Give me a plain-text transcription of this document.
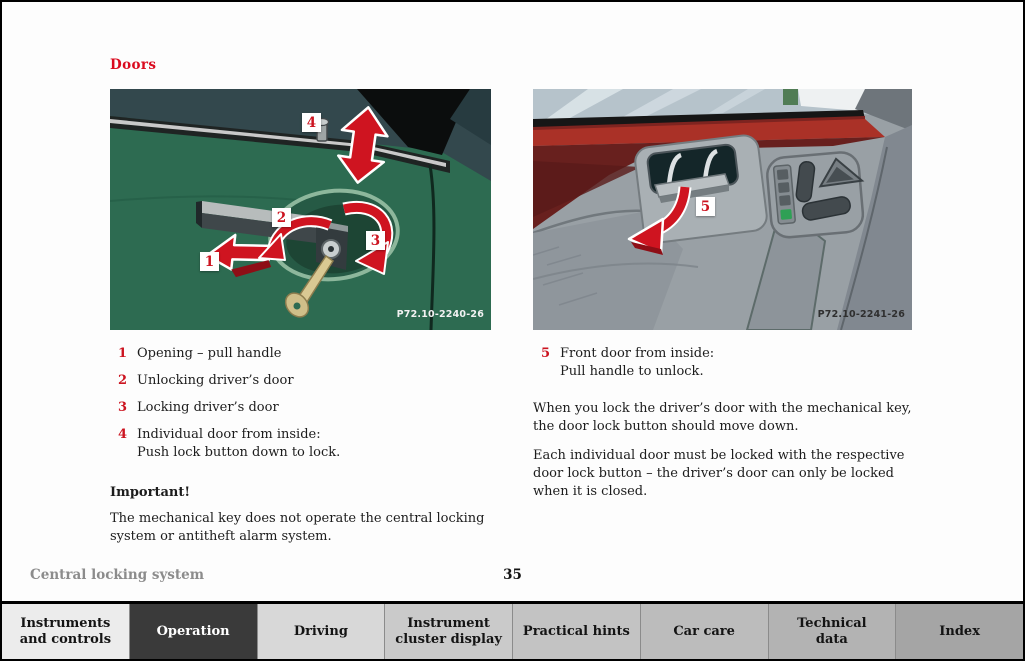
Doors
1
2
3
4
P72.10-2240-26
1 Opening – pull handle
2 Unlocking driver’s door
3 Locking driver’s door
4 Individual door from inside:
Push lock button down to lock.
Important!
The mechanical key does not operate the central locking system or antitheft alarm system.
5
P72.10-2241-26
5 Front door from inside:
Pull handle to unlock.
When you lock the driver’s door with the mechanical key, the door lock button should move down.
Each individual door must be locked with the respective door lock button – the driver’s door can only be locked when it is closed.
Central locking system	35
Instruments and controls
Operation	Driving
Instrument cluster display
Practical hints	Car care
Technical data
Index
